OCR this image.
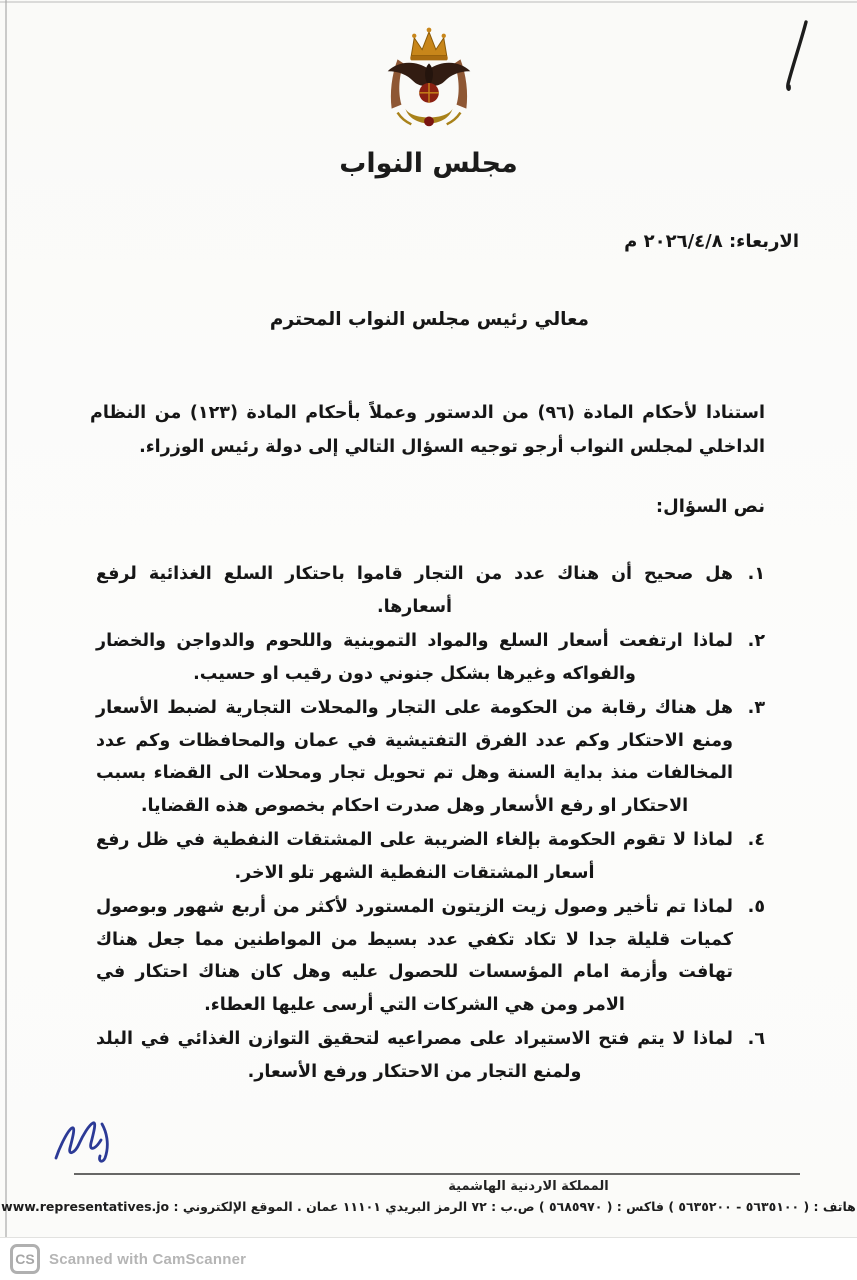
مجلس النواب
الاربعاء: ٢٠٢٦/٤/٨ م
معالي رئيس مجلس النواب المحترم

استنادا لأحكام المادة (٩٦) من الدستور وعملاً بأحكام المادة (١٢٣) من النظام الداخلي لمجلس النواب أرجو توجيه السؤال التالي إلى دولة رئيس الوزراء.

نص السؤال:
١.
هل صحيح أن هناك عدد من التجار قاموا باحتكار السلع الغذائية لرفع أسعارها.
٢.
لماذا ارتفعت أسعار السلع والمواد التموينية واللحوم والدواجن والخضار والفواكه وغيرها بشكل جنوني دون رقيب او حسيب.
٣.
هل هناك رقابة من الحكومة على التجار والمحلات التجارية لضبط الأسعار ومنع الاحتكار وكم عدد الفرق التفتيشية في عمان والمحافظات وكم عدد المخالفات منذ بداية السنة وهل تم تحويل تجار ومحلات الى القضاء بسبب الاحتكار او رفع الأسعار وهل صدرت احكام بخصوص هذه القضايا.
٤.
لماذا لا تقوم الحكومة بإلغاء الضريبة على المشتقات النفطية في ظل رفع أسعار المشتقات النفطية الشهر تلو الاخر.
٥.
لماذا تم تأخير وصول زيت الزيتون المستورد لأكثر من أربع شهور وبوصول كميات قليلة جدا لا تكاد تكفي عدد بسيط من المواطنين مما جعل هناك تهافت وأزمة امام المؤسسات للحصول عليه وهل كان هناك احتكار في الامر ومن هي الشركات التي أرسى عليها العطاء.
٦.
لماذا لا يتم فتح الاستيراد على مصراعيه لتحقيق التوازن الغذائي في البلد ولمنع التجار من الاحتكار ورفع الأسعار.
المملكة الاردنية الهاشمية
هاتف : ( ٥٦٣٥١٠٠ - ٥٦٣٥٢٠٠ ) فاكس : ( ٥٦٨٥٩٧٠ ) ص.ب : ٧٢ الرمز البريدي ١١١٠١ عمان . الموقع الإلكتروني : www.representatives.jo
CS Scanned with CamScanner
